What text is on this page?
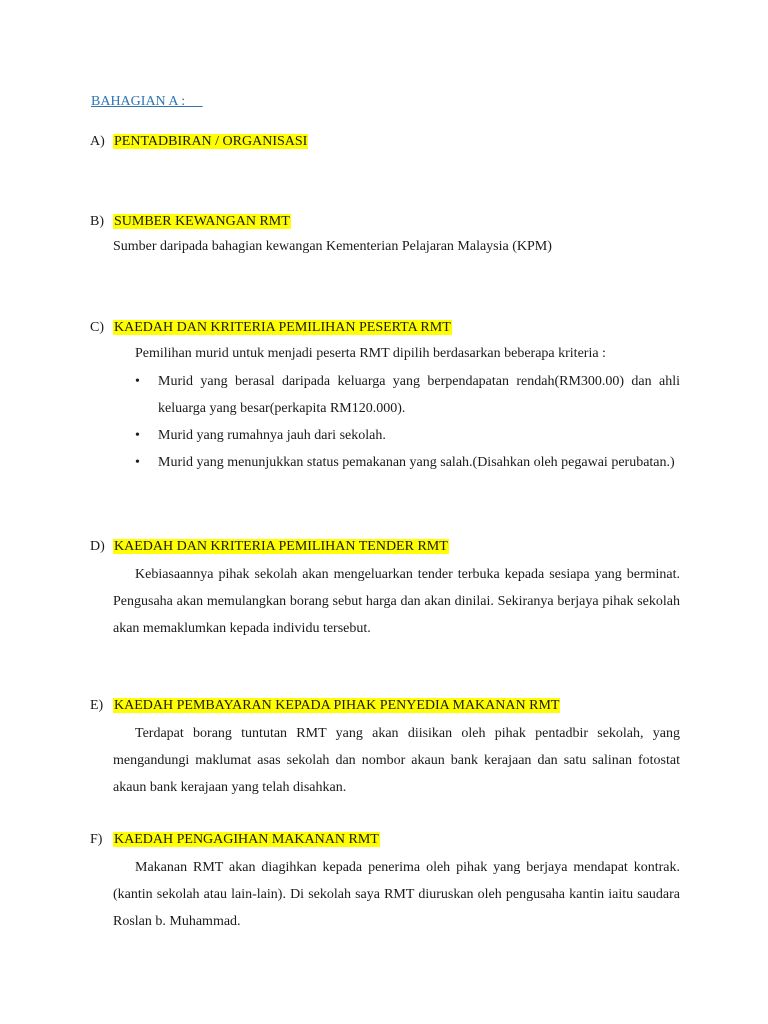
BAHAGIAN A :
A) PENTADBIRAN / ORGANISASI
B) SUMBER KEWANGAN RMT
Sumber daripada bahagian kewangan Kementerian Pelajaran Malaysia (KPM)
C) KAEDAH DAN KRITERIA PEMILIHAN PESERTA RMT
Pemilihan murid untuk menjadi peserta RMT dipilih berdasarkan beberapa kriteria :
• Murid yang berasal daripada keluarga yang berpendapatan rendah(RM300.00) dan ahli keluarga yang besar(perkapita RM120.000).
• Murid yang rumahnya jauh dari sekolah.
• Murid yang menunjukkan status pemakanan yang salah.(Disahkan oleh pegawai perubatan.)
D) KAEDAH DAN KRITERIA PEMILIHAN TENDER RMT
Kebiasaannya pihak sekolah akan mengeluarkan tender terbuka kepada sesiapa yang berminat. Pengusaha akan memulangkan borang sebut harga dan akan dinilai. Sekiranya berjaya pihak sekolah akan memaklumkan kepada individu tersebut.
E) KAEDAH PEMBAYARAN KEPADA PIHAK PENYEDIA MAKANAN RMT
Terdapat borang tuntutan RMT yang akan diisikan oleh pihak pentadbir sekolah, yang mengandungi maklumat asas sekolah dan nombor akaun bank kerajaan dan satu salinan fotostat akaun bank kerajaan yang telah disahkan.
F) KAEDAH PENGAGIHAN MAKANAN RMT
Makanan RMT akan diagihkan kepada penerima oleh pihak yang berjaya mendapat kontrak. (kantin sekolah atau lain-lain). Di sekolah saya RMT diuruskan oleh pengusaha kantin iaitu saudara Roslan b. Muhammad.
